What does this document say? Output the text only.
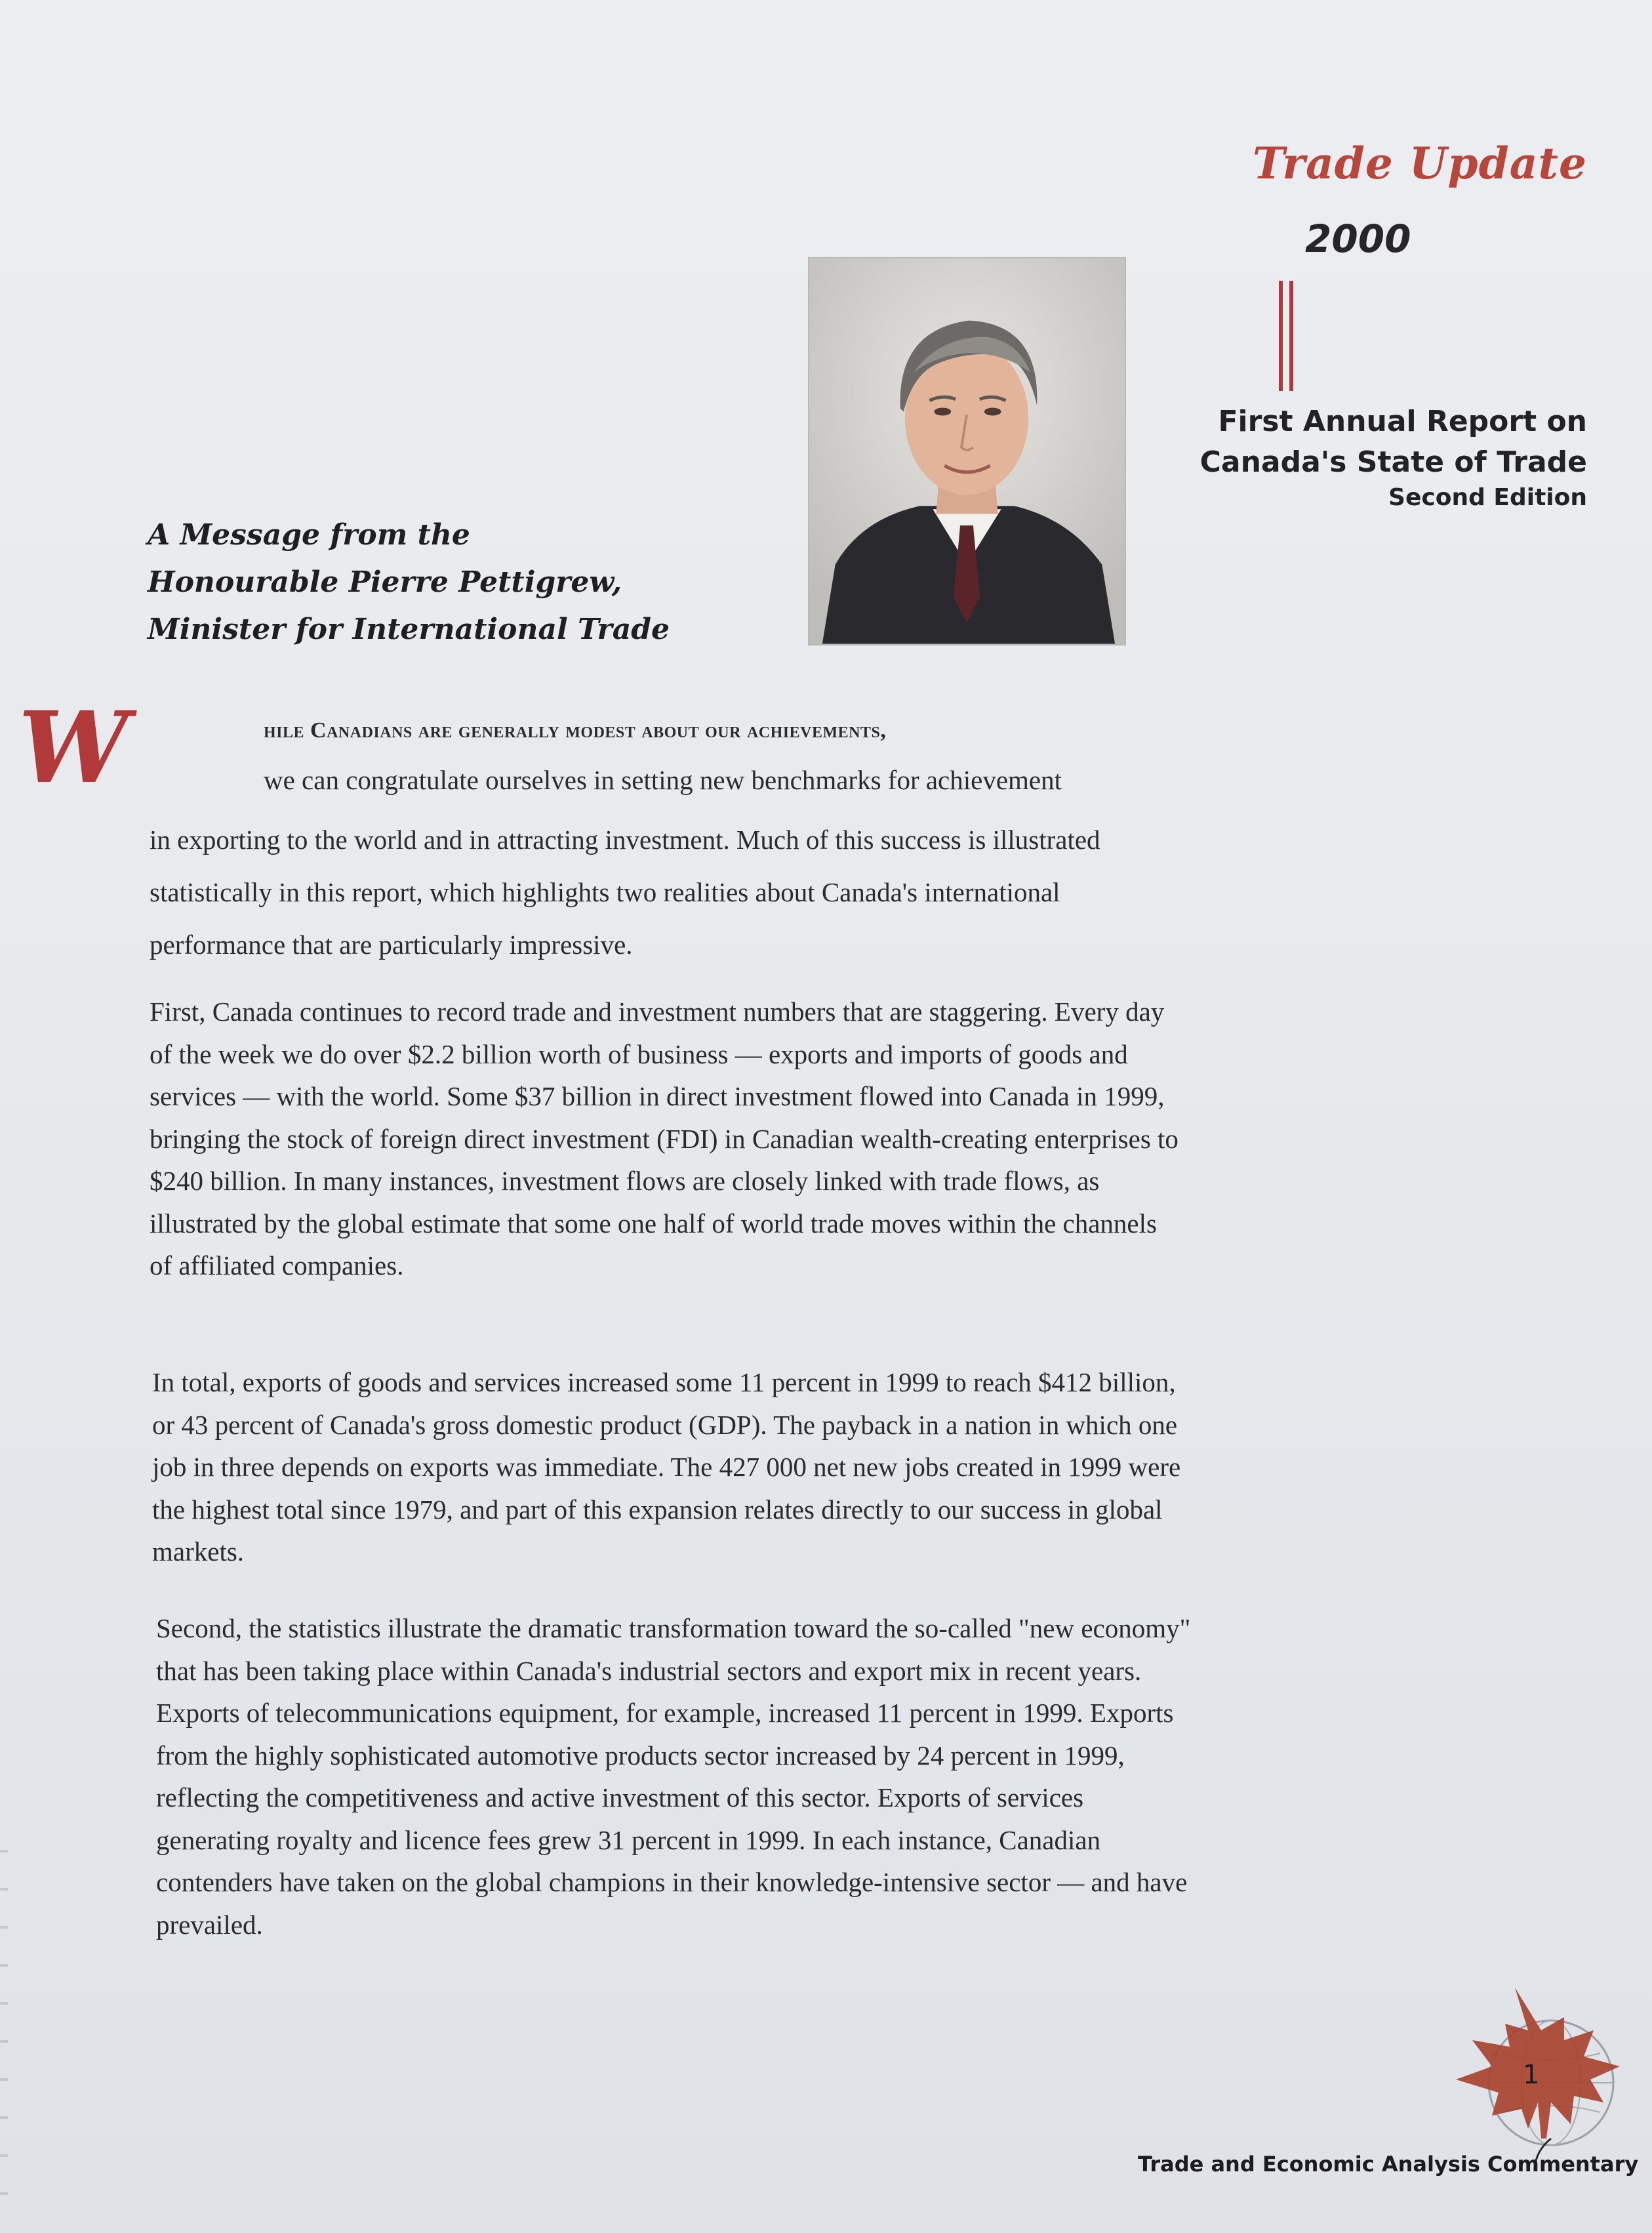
Trade Update

2000

First Annual Report on
Canada's State of Trade

Second Edition

A Message from the

Honourable Pierre Pettigrew,

Minister for International Trade

W	hile Canadians are generally modest about our achievements,

we can congratulate ourselves in setting new benchmarks for achievement

in exporting to the world and in attracting investment. Much of this success is illustrated statistically in this report, which highlights two realities about Canada's international performance that are particularly impressive.

First, Canada continues to record trade and investment numbers that are staggering. Every day of the week we do over $2.2 billion worth of business — exports and imports of goods and services — with the world. Some $37 billion in direct investment flowed into Canada in 1999, bringing the stock of foreign direct investment (FDI) in Canadian wealth-creating enterprises to $240 billion. In many instances, investment flows are closely linked with trade flows, as illustrated by the global estimate that some one half of world trade moves within the channels of affiliated companies.

In total, exports of goods and services increased some 11 percent in 1999 to reach $412 billion, or 43 percent of Canada's gross domestic product (GDP). The payback in a nation in which one job in three depends on exports was immediate. The 427 000 net new jobs created in 1999 were the highest total since 1979, and part of this expansion relates directly to our success in global markets.

Second, the statistics illustrate the dramatic transformation toward the so-called "new economy" that has been taking place within Canada's industrial sectors and export mix in recent years. Exports of telecommunications equipment, for example, increased 11 percent in 1999. Exports from the highly sophisticated automotive products sector increased by 24 percent in 1999, reflecting the competitiveness and active investment of this sector. Exports of services generating royalty and licence fees grew 31 percent in 1999. In each instance, Canadian contenders have taken on the global champions in their knowledge-intensive sector — and have prevailed.

1

Trade and Economic Analysis Commentary
